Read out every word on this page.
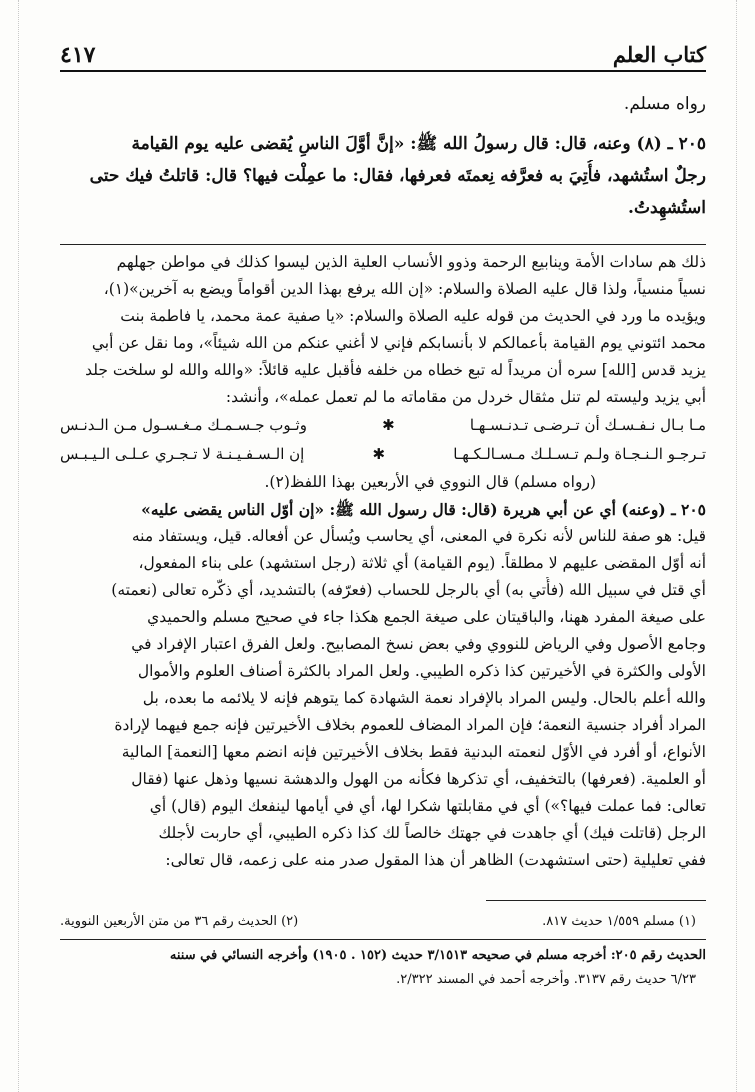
كتاب العلم
٤١٧
رواه مسلم.
٢٠٥ ـ (٨) وعنه، قال: قال رسولُ الله ﷺ: «إنَّ أوَّلَ الناسِ يُقضى عليه يوم القيامة
رجلٌ استُشهد، فأُتِيَ به فعرَّفه نِعمتَه فعرفها، فقال: ما عمِلْت فيها؟ قال: قاتلتُ فيك حتى
استُشهِدتُ.
ذلك هم سادات الأمة وينابيع الرحمة وذوو الأنساب العلية الذين ليسوا كذلك في مواطن جهلهم
نسياً منسياً، ولذا قال عليه الصلاة والسلام: «إن الله يرفع بهذا الدين أقواماً ويضع به آخرين»(١)،
ويؤيده ما ورد في الحديث من قوله عليه الصلاة والسلام: «يا صفية عمة محمد، يا فاطمة بنت
محمد ائتوني يوم القيامة بأعمالكم لا بأنسابكم فإني لا أغني عنكم من الله شيئاً»، وما نقل عن أبي
يزيد قدس [الله] سره أن مريداً له تبع خطاه من خلفه فأقبل عليه قائلاً: «والله والله لو سلخت جلد
أبي يزيد وليسته لم تنل مثقال خردل من مقاماته ما لم تعمل عمله»، وأنشد:
مـا بـال نـفـسـك أن تـرضـى تـدنـسـهـا
✱
وثـوب جـسـمـك مـغـسـول مـن الـدنـس
تـرجـو الـنـجـاة ولـم تـسـلـك مـسـالـكـهـا
✱
إن الـسـفـيـنـة لا تـجـري عـلـى الـيـبـس
(رواه مسلم) قال النووي في الأربعين بهذا اللفظ(٢).
٢٠٥ ـ (وعنه) أي عن أبي هريرة (قال: قال رسول الله ﷺ: «إن أوّل الناس يقضى عليه»
قيل: هو صفة للناس لأنه نكرة في المعنى، أي يحاسب ويُسأل عن أفعاله. قيل، ويستفاد منه
أنه أوّل المقضى عليهم لا مطلقاً. (يوم القيامة) أي ثلاثة (رجل استشهد) على بناء المفعول،
أي قتل في سبيل الله (فأُتي به) أي بالرجل للحساب (فعرّفه) بالتشديد، أي ذكّره تعالى (نعمته)
على صيغة المفرد ههنا، والباقيتان على صيغة الجمع هكذا جاء في صحيح مسلم والحميدي
وجامع الأصول وفي الرياض للنووي وفي بعض نسخ المصابيح. ولعل الفرق اعتبار الإفراد في
الأولى والكثرة في الأخيرتين كذا ذكره الطيبي. ولعل المراد بالكثرة أصناف العلوم والأموال
والله أعلم بالحال. وليس المراد بالإفراد نعمة الشهادة كما يتوهم فإنه لا يلائمه ما بعده، بل
المراد أفراد جنسية النعمة؛ فإن المراد المضاف للعموم بخلاف الأخيرتين فإنه جمع فيهما لإرادة
الأنواع، أو أفرد في الأوّل لنعمته البدنية فقط بخلاف الأخيرتين فإنه انضم معها [النعمة] المالية
أو العلمية. (فعرفها) بالتخفيف، أي تذكرها فكأنه من الهول والدهشة نسيها وذهل عنها (فقال
تعالى: فما عملت فيها؟») أي في مقابلتها شكرا لها، أي في أيامها لينفعك اليوم (قال) أي
الرجل (قاتلت فيك) أي جاهدت في جهتك خالصاً لك كذا ذكره الطيبي، أي حاربت لأجلك
ففي تعليلية (حتى استشهدت) الظاهر أن هذا المقول صدر منه على زعمه، قال تعالى:
(١) مسلم ١/٥٥٩ حديث ٨١٧.
(٢) الحديث رقم ٣٦ من متن الأربعين النووية.
الحديث رقم ٢٠٥: أخرجه مسلم في صحيحه ٣/١٥١٣ حديث (١٥٢ . ١٩٠٥) وأخرجه النسائي في سننه
٦/٢٣ حديث رقم ٣١٣٧. وأخرجه أحمد في المسند ٢/٣٢٢.
